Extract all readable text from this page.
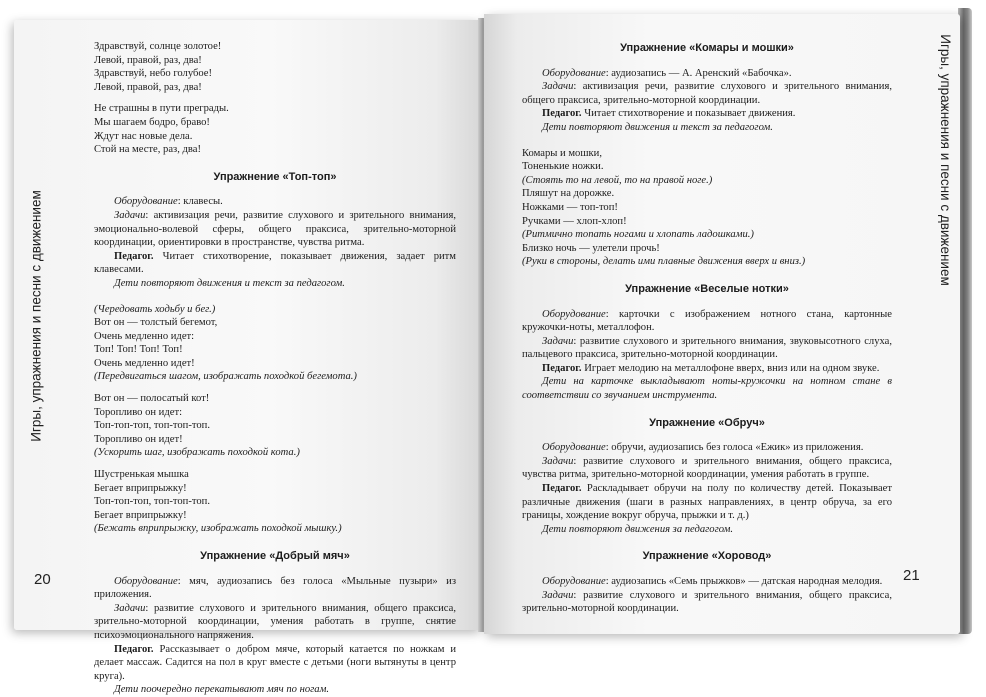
Игры, упражнения и песни с движением
Игры, упражнения и песни с движением
20	21
Здравствуй, солнце золотое!
Левой, правой, раз, два!
Здравствуй, небо голубое!
Левой, правой, раз, два!
Не страшны в пути преграды.
Мы шагаем бодро, браво!
Ждут нас новые дела.
Стой на месте, раз, два!
Упражнение «Топ-топ»
Оборудование: клавесы.
Задачи: активизация речи, развитие слухового и зрительного внимания, эмоционально-волевой сферы, общего праксиса, зрительно-моторной координации, ориентировки в пространстве, чувства ритма.
Педагог. Читает стихотворение, показывает движения, задает ритм клавесами.
Дети повторяют движения и текст за педагогом.
(Чередовать ходьбу и бег.)
Вот он — толстый бегемот,
Очень медленно идет:
Топ! Топ! Топ! Топ!
Очень медленно идет!
(Передвигаться шагом, изображать походкой бегемота.)
Вот он — полосатый кот!
Торопливо он идет:
Топ-топ-топ, топ-топ-топ.
Торопливо он идет!
(Ускорить шаг, изображать походкой кота.)
Шустренькая мышка
Бегает вприпрыжку!
Топ-топ-топ, топ-топ-топ.
Бегает вприпрыжку!
(Бежать вприпрыжку, изображать походкой мышку.)
Упражнение «Добрый мяч»
Оборудование: мяч, аудиозапись без голоса «Мыльные пузыри» из приложения.
Задачи: развитие слухового и зрительного внимания, общего праксиса, зрительно-моторной координации, умения работать в группе, снятие психоэмоционального напряжения.
Педагог. Рассказывает о добром мяче, который катается по ножкам и делает массаж. Садится на пол в круг вместе с детьми (ноги вытянуты в центр круга).
Дети поочередно перекатывают мяч по ногам.
Упражнение «Комары и мошки»
Оборудование: аудиозапись — А. Аренский «Бабочка».
Задачи: активизация речи, развитие слухового и зрительного внимания, общего праксиса, зрительно-моторной координации.
Педагог. Читает стихотворение и показывает движения.
Дети повторяют движения и текст за педагогом.
Комары и мошки,
Тоненькие ножки.
(Стоять то на левой, то на правой ноге.)
Пляшут на дорожке.
Ножками — топ-топ!
Ручками — хлоп-хлоп!
(Ритмично топать ногами и хлопать ладошками.)
Близко ночь — улетели прочь!
(Руки в стороны, делать ими плавные движения вверх и вниз.)
Упражнение «Веселые нотки»
Оборудование: карточки с изображением нотного стана, картонные кружочки-ноты, металлофон.
Задачи: развитие слухового и зрительного внимания, звуковысотного слуха, пальцевого праксиса, зрительно-моторной координации.
Педагог. Играет мелодию на металлофоне вверх, вниз или на одном звуке.
Дети на карточке выкладывают ноты-кружочки на нотном стане в соответствии со звучанием инструмента.
Упражнение «Обруч»
Оборудование: обручи, аудиозапись без голоса «Ежик» из приложения.
Задачи: развитие слухового и зрительного внимания, общего праксиса, чувства ритма, зрительно-моторной координации, умения работать в группе.
Педагог. Раскладывает обручи на полу по количеству детей. Показывает различные движения (шаги в разных направлениях, в центр обруча, за его границы, хождение вокруг обруча, прыжки и т. д.)
Дети повторяют движения за педагогом.
Упражнение «Хоровод»
Оборудование: аудиозапись «Семь прыжков» — датская народная мелодия.
Задачи: развитие слухового и зрительного внимания, общего праксиса, зрительно-моторной координации.
